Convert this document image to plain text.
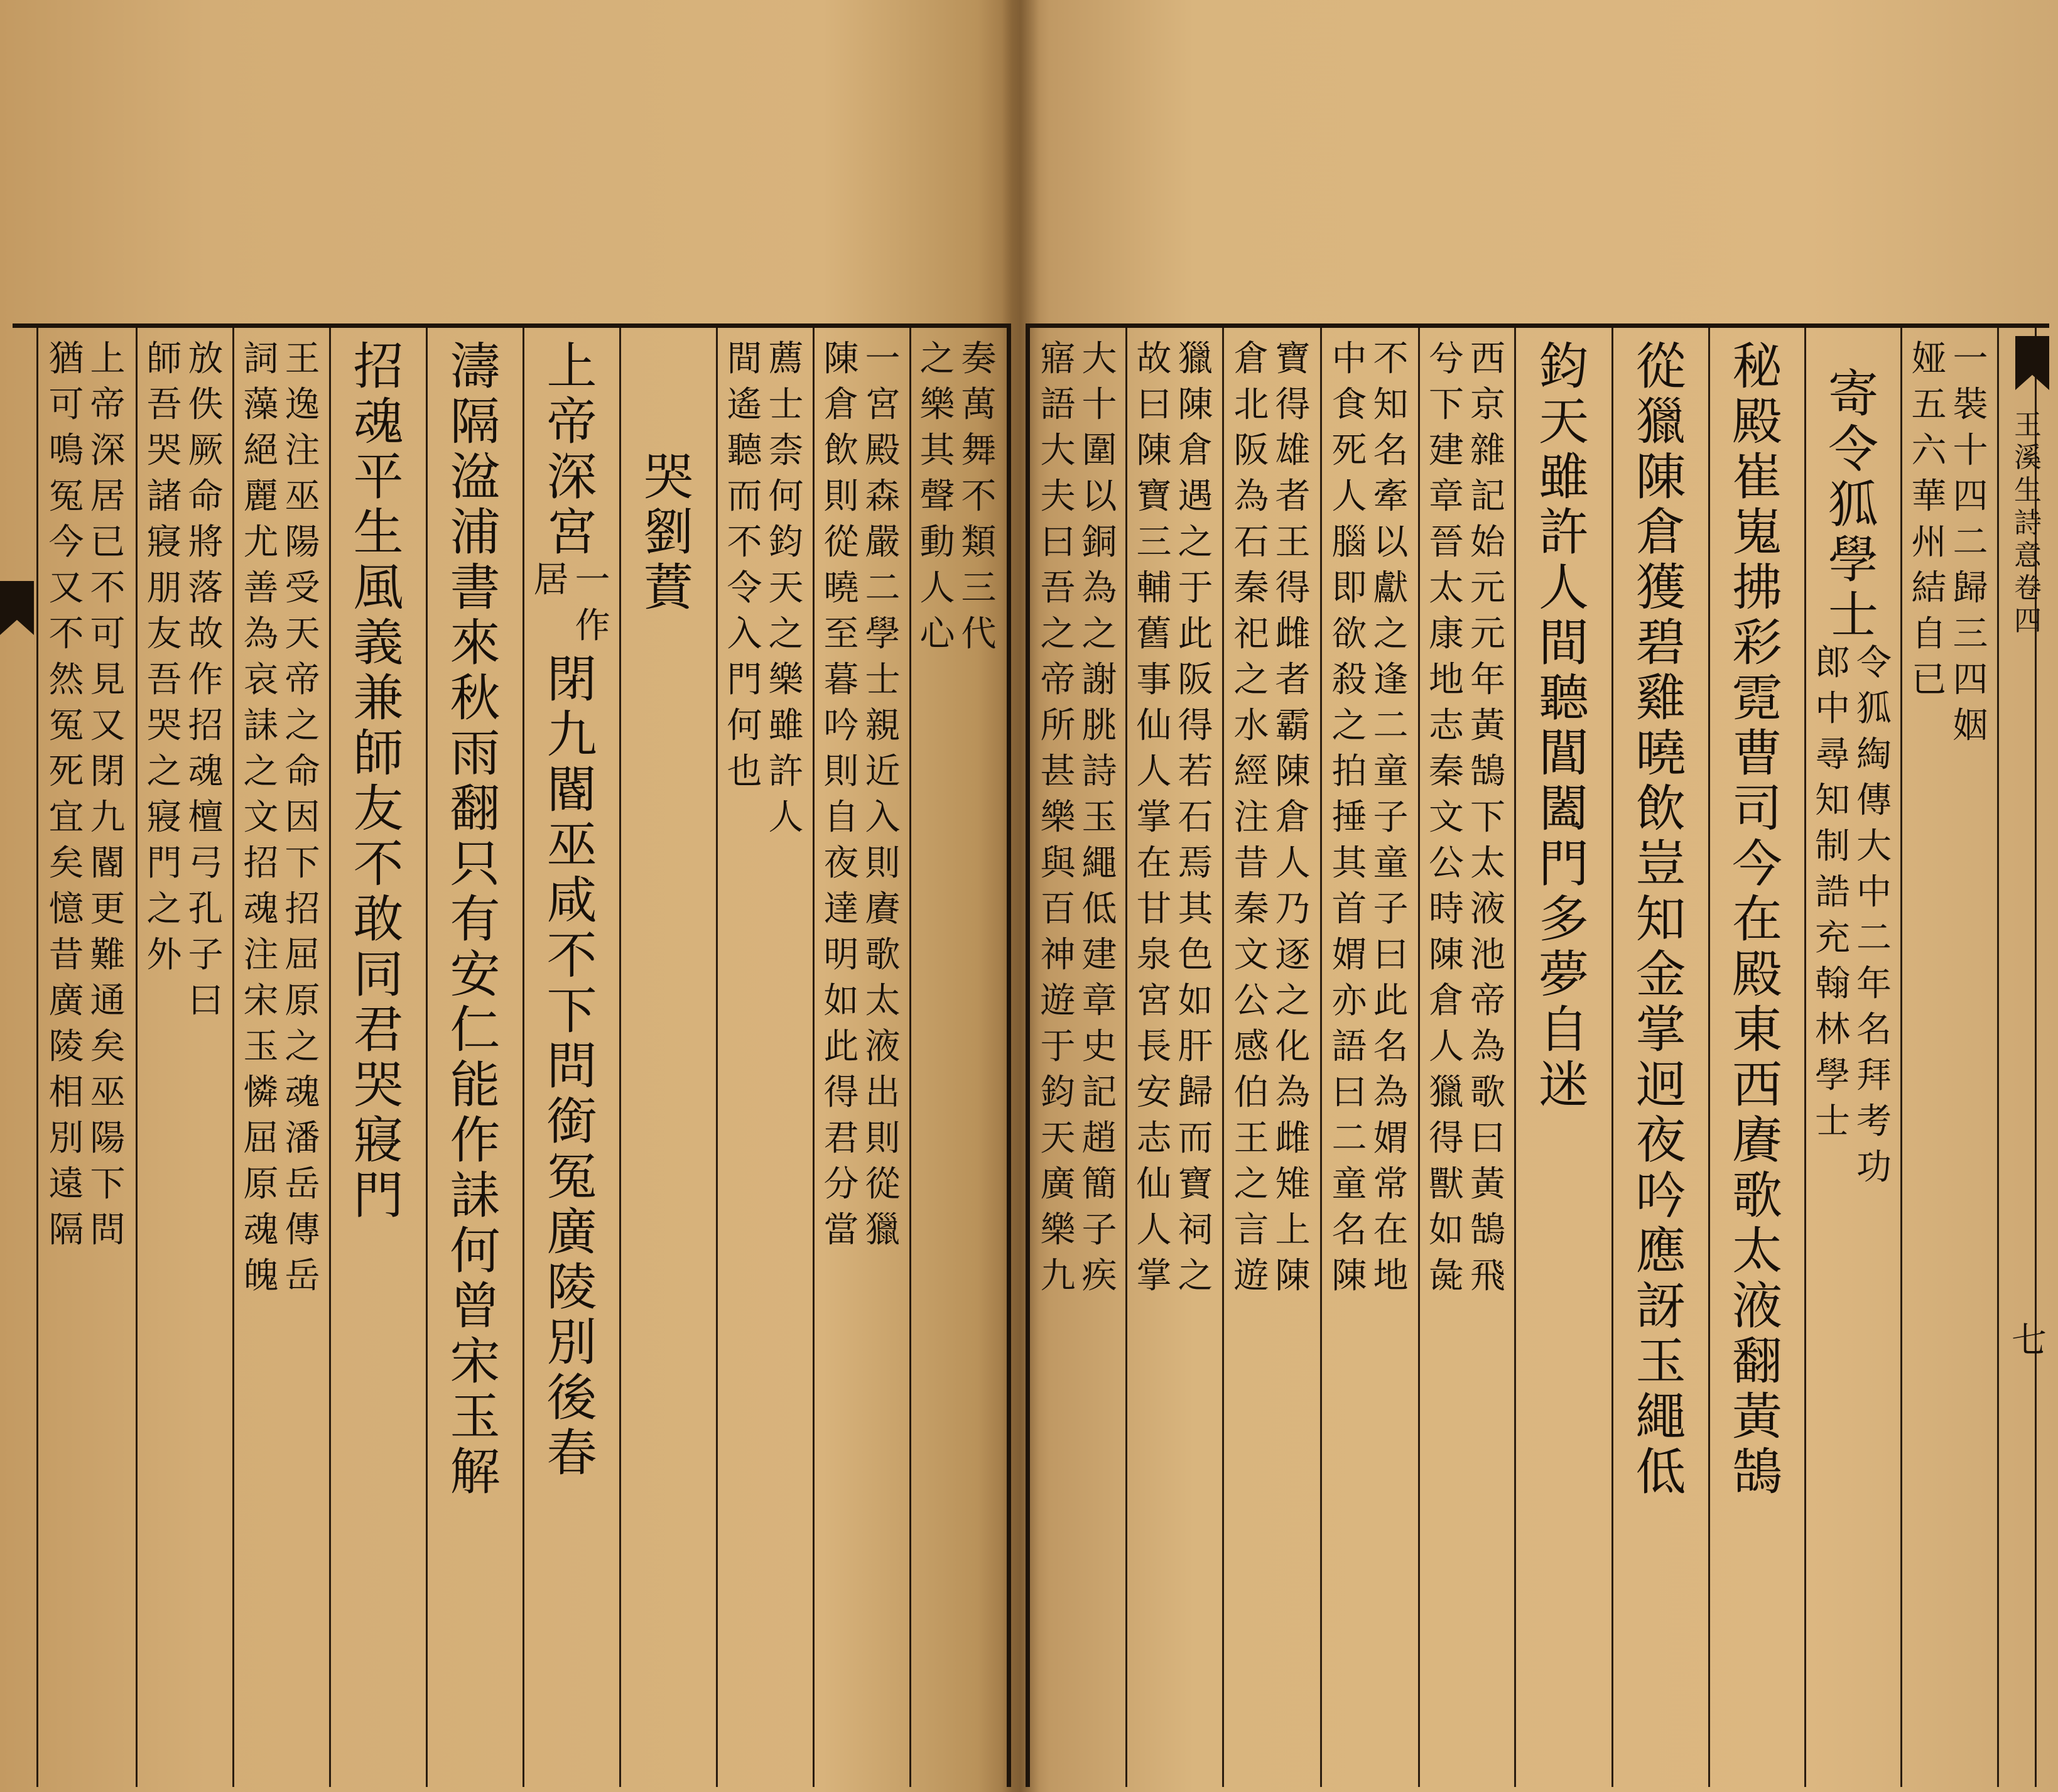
一
裝
十
四
二
歸
三
四
姻
娅
五
六
華
州
結
自
已
寄
令
狐
學
士
令
狐
綯
傳
大
中
二
年
名
拜
考
功
郎
中
尋
知
制
誥
充
翰
林
學
士
秘
殿
崔
嵬
拂
彩
霓
曹
司
今
在
殿
東
西
賡
歌
太
液
翻
黃
鵠
從
獵
陳
倉
獲
碧
雞
曉
飲
豈
知
金
掌
迥
夜
吟
應
訝
玉
繩
低
鈞
天
雖
許
人
間
聽
閶
闔
門
多
夢
自
迷
西
京
雜
記
始
元
元
年
黃
鵠
下
太
液
池
帝
為
歌
曰
黃
鵠
飛
兮
下
建
章
晉
太
康
地
志
秦
文
公
時
陳
倉
人
獵
得
獸
如
彘
不
知
名
牽
以
獻
之
逢
二
童
子
童
子
曰
此
名
為
媦
常
在
地
中
食
死
人
腦
即
欲
殺
之
拍
捶
其
首
媦
亦
語
曰
二
童
名
陳
寶
得
雄
者
王
得
雌
者
霸
陳
倉
人
乃
逐
之
化
為
雌
雉
上
陳
倉
北
阪
為
石
秦
祀
之
水
經
注
昔
秦
文
公
感
伯
王
之
言
遊
獵
陳
倉
遇
之
于
此
阪
得
若
石
焉
其
色
如
肝
歸
而
寶
祠
之
故
曰
陳
寶
三
輔
舊
事
仙
人
掌
在
甘
泉
宮
長
安
志
仙
人
掌
大
十
圍
以
銅
為
之
謝
朓
詩
玉
繩
低
建
章
史
記
趙
簡
子
疾
寤
語
大
夫
曰
吾
之
帝
所
甚
樂
與
百
神
遊
于
鈞
天
廣
樂
九
王
溪
生
詩
意
卷
四
七
奏
萬
舞
不
類
三
代
之
樂
其
聲
動
人
心
一
宮
殿
森
嚴
二
學
士
親
近
入
則
賡
歌
太
液
出
則
從
獵
陳
倉
飲
則
從
曉
至
暮
吟
則
自
夜
達
明
如
此
得
君
分
當
薦
士
柰
何
鈞
天
之
樂
雖
許
人
間
遙
聽
而
不
令
入
門
何
也
哭
劉
蕡
上
帝
深
宮
一
作
居
閉
九
閽
巫
咸
不
下
問
銜
冤
廣
陵
別
後
春
濤
隔
湓
浦
書
來
秋
雨
翻
只
有
安
仁
能
作
誄
何
曾
宋
玉
解
招
魂
平
生
風
義
兼
師
友
不
敢
同
君
哭
寢
門
王
逸
注
巫
陽
受
天
帝
之
命
因
下
招
屈
原
之
魂
潘
岳
傳
岳
詞
藻
絕
麗
尤
善
為
哀
誄
之
文
招
魂
注
宋
玉
憐
屈
原
魂
魄
放
佚
厥
命
將
落
故
作
招
魂
檀
弓
孔
子
曰
師
吾
哭
諸
寢
朋
友
吾
哭
之
寢
門
之
外
上
帝
深
居
已
不
可
見
又
閉
九
閽
更
難
通
矣
巫
陽
下
問
猶
可
鳴
冤
今
又
不
然
冤
死
宜
矣
憶
昔
廣
陵
相
別
遠
隔
